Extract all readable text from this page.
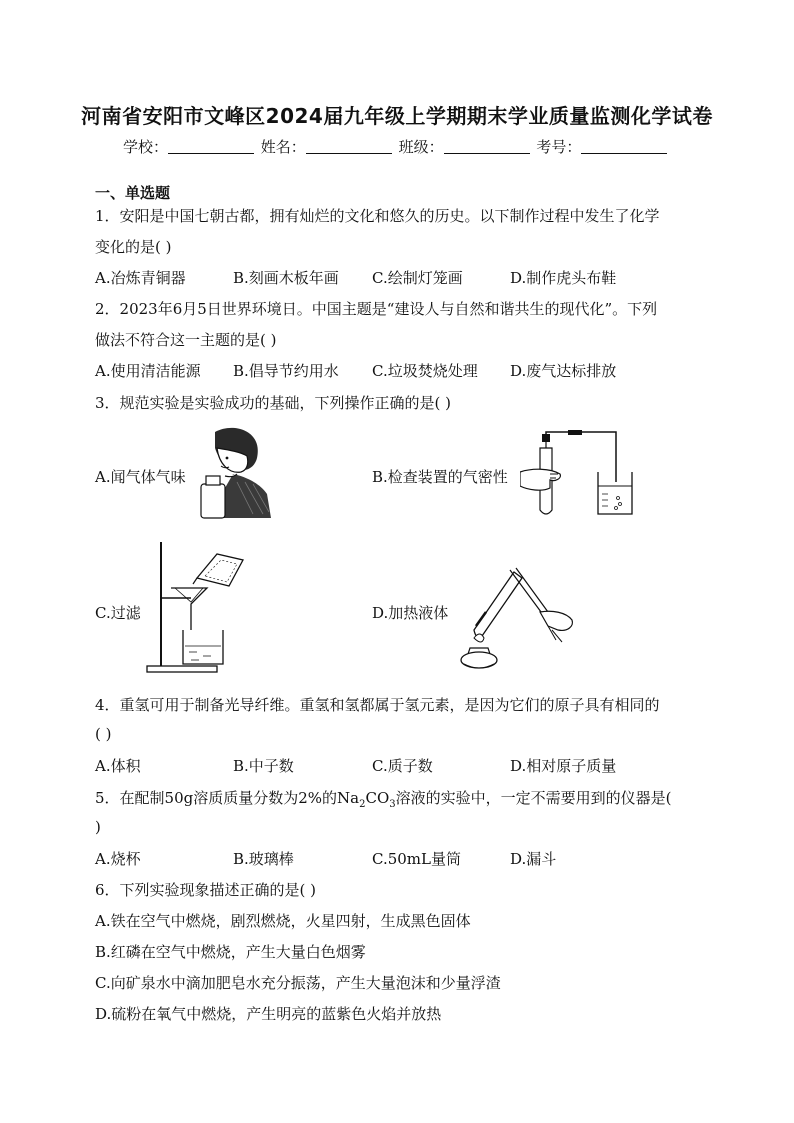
河南省安阳市文峰区2024届九年级上学期期末学业质量监测化学试卷
学校：	姓名：	班级：	考号：
一、单选题
1．安阳是中国七朝古都，拥有灿烂的文化和悠久的历史。以下制作过程中发生了化学
变化的是( )
A.冶炼青铜器	B.刻画木板年画 C.绘制灯笼画	D.制作虎头布鞋
2．2023年6月5日世界环境日。中国主题是“建设人与自然和谐共生的现代化”。下列
做法不符合这一主题的是( )
A.使用清洁能源 B.倡导节约用水 C.垃圾焚烧处理 D.废气达标排放
3．规范实验是实验成功的基础，下列操作正确的是( )
A.闻气体气味	B.检查装置的气密性
C.过滤	D.加热液体
4．重氢可用于制备光导纤维。重氢和氢都属于氢元素，是因为它们的原子具有相同的
( )
A.体积	B.中子数	C.质子数	D.相对原子质量
5．在配制50g溶质质量分数为2%的$Na_2CO_3$溶液的实验中，一定不需要用到的仪器是(
)
A.烧杯	B.玻璃棒	C.50mL量筒	D.漏斗
6．下列实验现象描述正确的是( )
A.铁在空气中燃烧，剧烈燃烧，火星四射，生成黑色固体
B.红磷在空气中燃烧，产生大量白色烟雾
C.向矿泉水中滴加肥皂水充分振荡，产生大量泡沫和少量浮渣
D.硫粉在氧气中燃烧，产生明亮的蓝紫色火焰并放热
